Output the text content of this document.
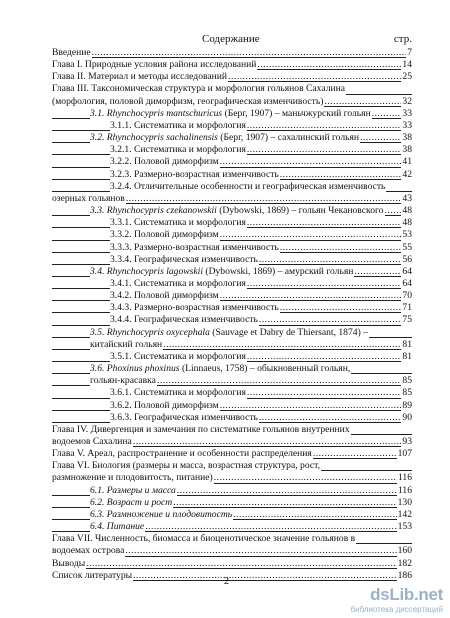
Содержание	стр.
Введение .....	7
Глава I. Природные условия района исследований .....	14
Глава II. Материал и методы исследований .....	25
Глава III. Таксономическая структура и морфология гольянов Сахалина
(морфология, половой диморфизм, географическая изменчивость) .....	32
3.1. Rhynchocypris mantschuricus (Берг, 1907) – маньчжурский гольян .....	33
3.1.1. Систематика и морфология .....	33
3.2. Rhynchocypris sachalinensis (Берг, 1907) – сахалинский гольян .....	38
3.2.1. Систематика и морфология .....	38
3.2.2. Половой диморфизм .....	41
3.2.3. Размерно-возрастная изменчивость .....	42
3.2.4. Отличительные особенности и географическая изменчивость
озерных гольянов .....	43
3.3. Rhynchocypris czekanowskii (Dybowski, 1869) – гольян Чекановского ..... 48
3.3.1. Систематика и морфология .....	48
3.3.2. Половой диморфизм .....	53
3.3.3. Размерно-возрастная изменчивость .....	55
3.3.4. Географическая изменчивость .....	56
3.4. Rhynchocypris lagowskii (Dybowski, 1869) – амурский гольян .....	64
3.4.1. Систематика и морфология .....	64
3.4.2. Половой диморфизм .....	70
3.4.3. Размерно-возрастная изменчивость .....	71
3.4.4. Географическая изменчивость .....	75
3.5. Rhynchocypris oxycephala (Sauvage et Dabry de Thiersant, 1874) –
китайский гольян .....	81
3.5.1. Систематика и морфология .....	81
3.6. Phoxinus phoxinus (Linnaeus, 1758) – обыкновенный гольян,
гольян-красавка .....	85
3.6.1. Систематика и морфология .....	85
3.6.2. Половой диморфизм .....	89
3.6.3. Географическая изменчивость .....	90
Глава IV. Дивергенция и замечания по систематике гольянов внутренних
водоемов Сахалина .....	93
Глава V. Ареал, распространение и особенности распределения .....	107
Глава VI. Биология (размеры и масса, возрастная структура, рост,
размножение и плодовитость, питание) .....	116
6.1. Размеры и масса .....	116
6.2. Возраст и рост .....	130
6.3. Размножение и плодовитость .....	142
6.4. Питание .....	153
Глава VII. Численность, биомасса и биоценотическое значение гольянов в
водоемах острова .....	160
Выводы .....	182
Список литературы .....	186
2
dsLib.net
библиотека диссертаций
